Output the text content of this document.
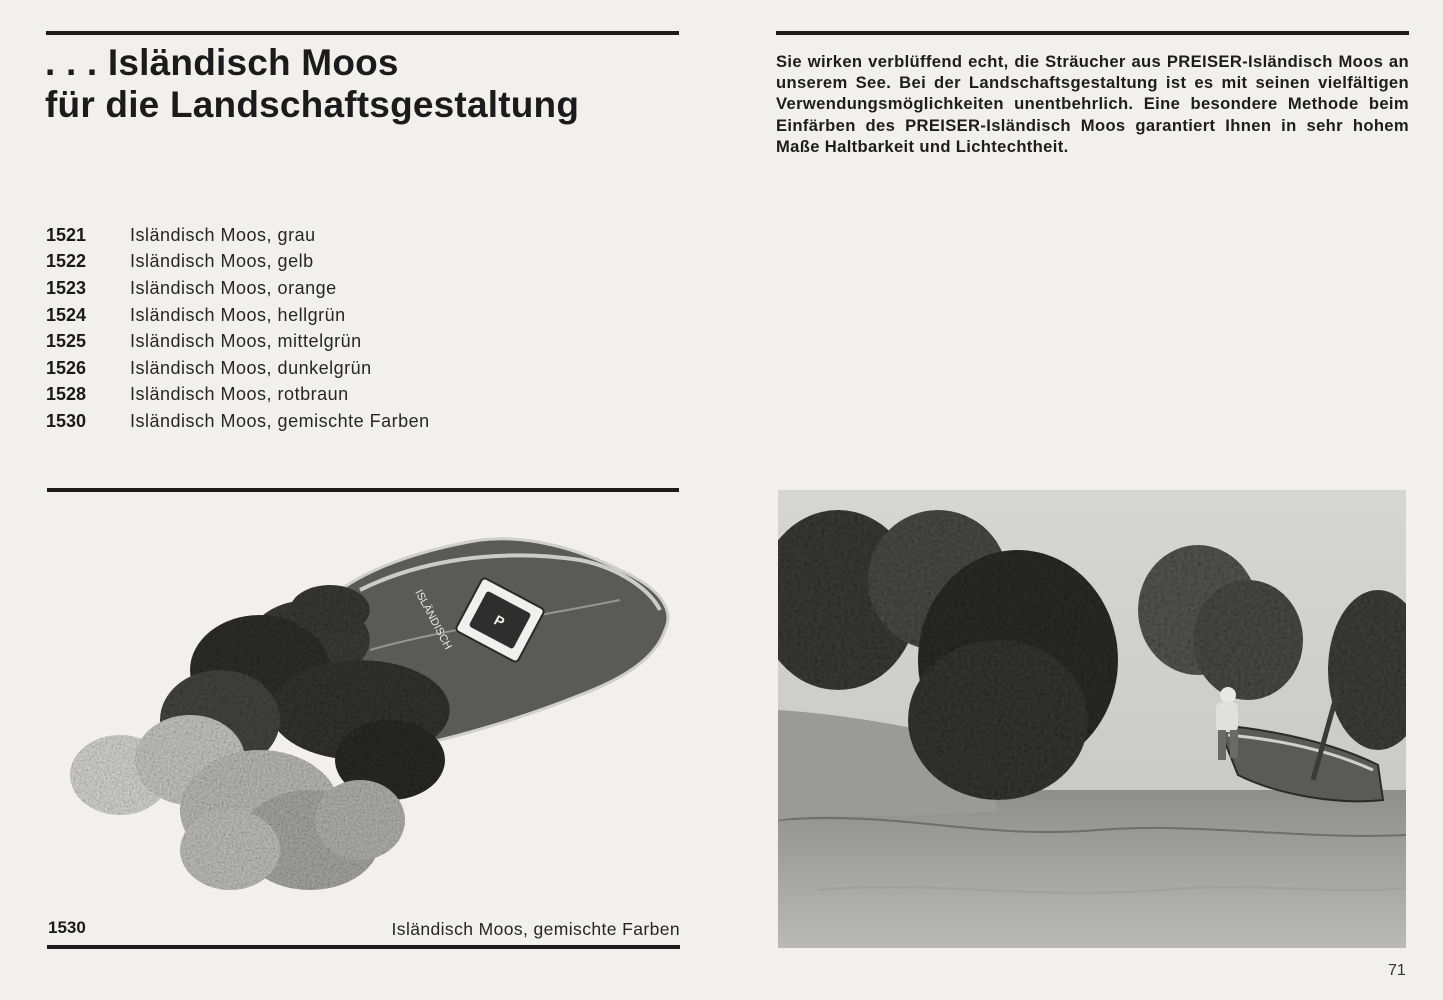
. . . Isländisch Moos
für die Landschaftsgestaltung
Sie wirken verblüffend echt, die Sträucher aus PREISER-Isländisch Moos an unserem See. Bei der Landschaftsgestaltung ist es mit seinen vielfältigen Verwendungsmöglichkeiten unentbehrlich. Eine besondere Methode beim Einfärben des PREISER-Isländisch Moos garantiert Ihnen in sehr hohem Maße Haltbarkeit und Lichtechtheit.
1521	Isländisch Moos, grau
1522	Isländisch Moos, gelb
1523	Isländisch Moos, orange
1524	Isländisch Moos, hellgrün
1525	Isländisch Moos, mittelgrün
1526	Isländisch Moos, dunkelgrün
1528	Isländisch Moos, rotbraun
1530	Isländisch Moos, gemischte Farben
P
ISLÄNDISCH
1530	Isländisch Moos, gemischte Farben
71
